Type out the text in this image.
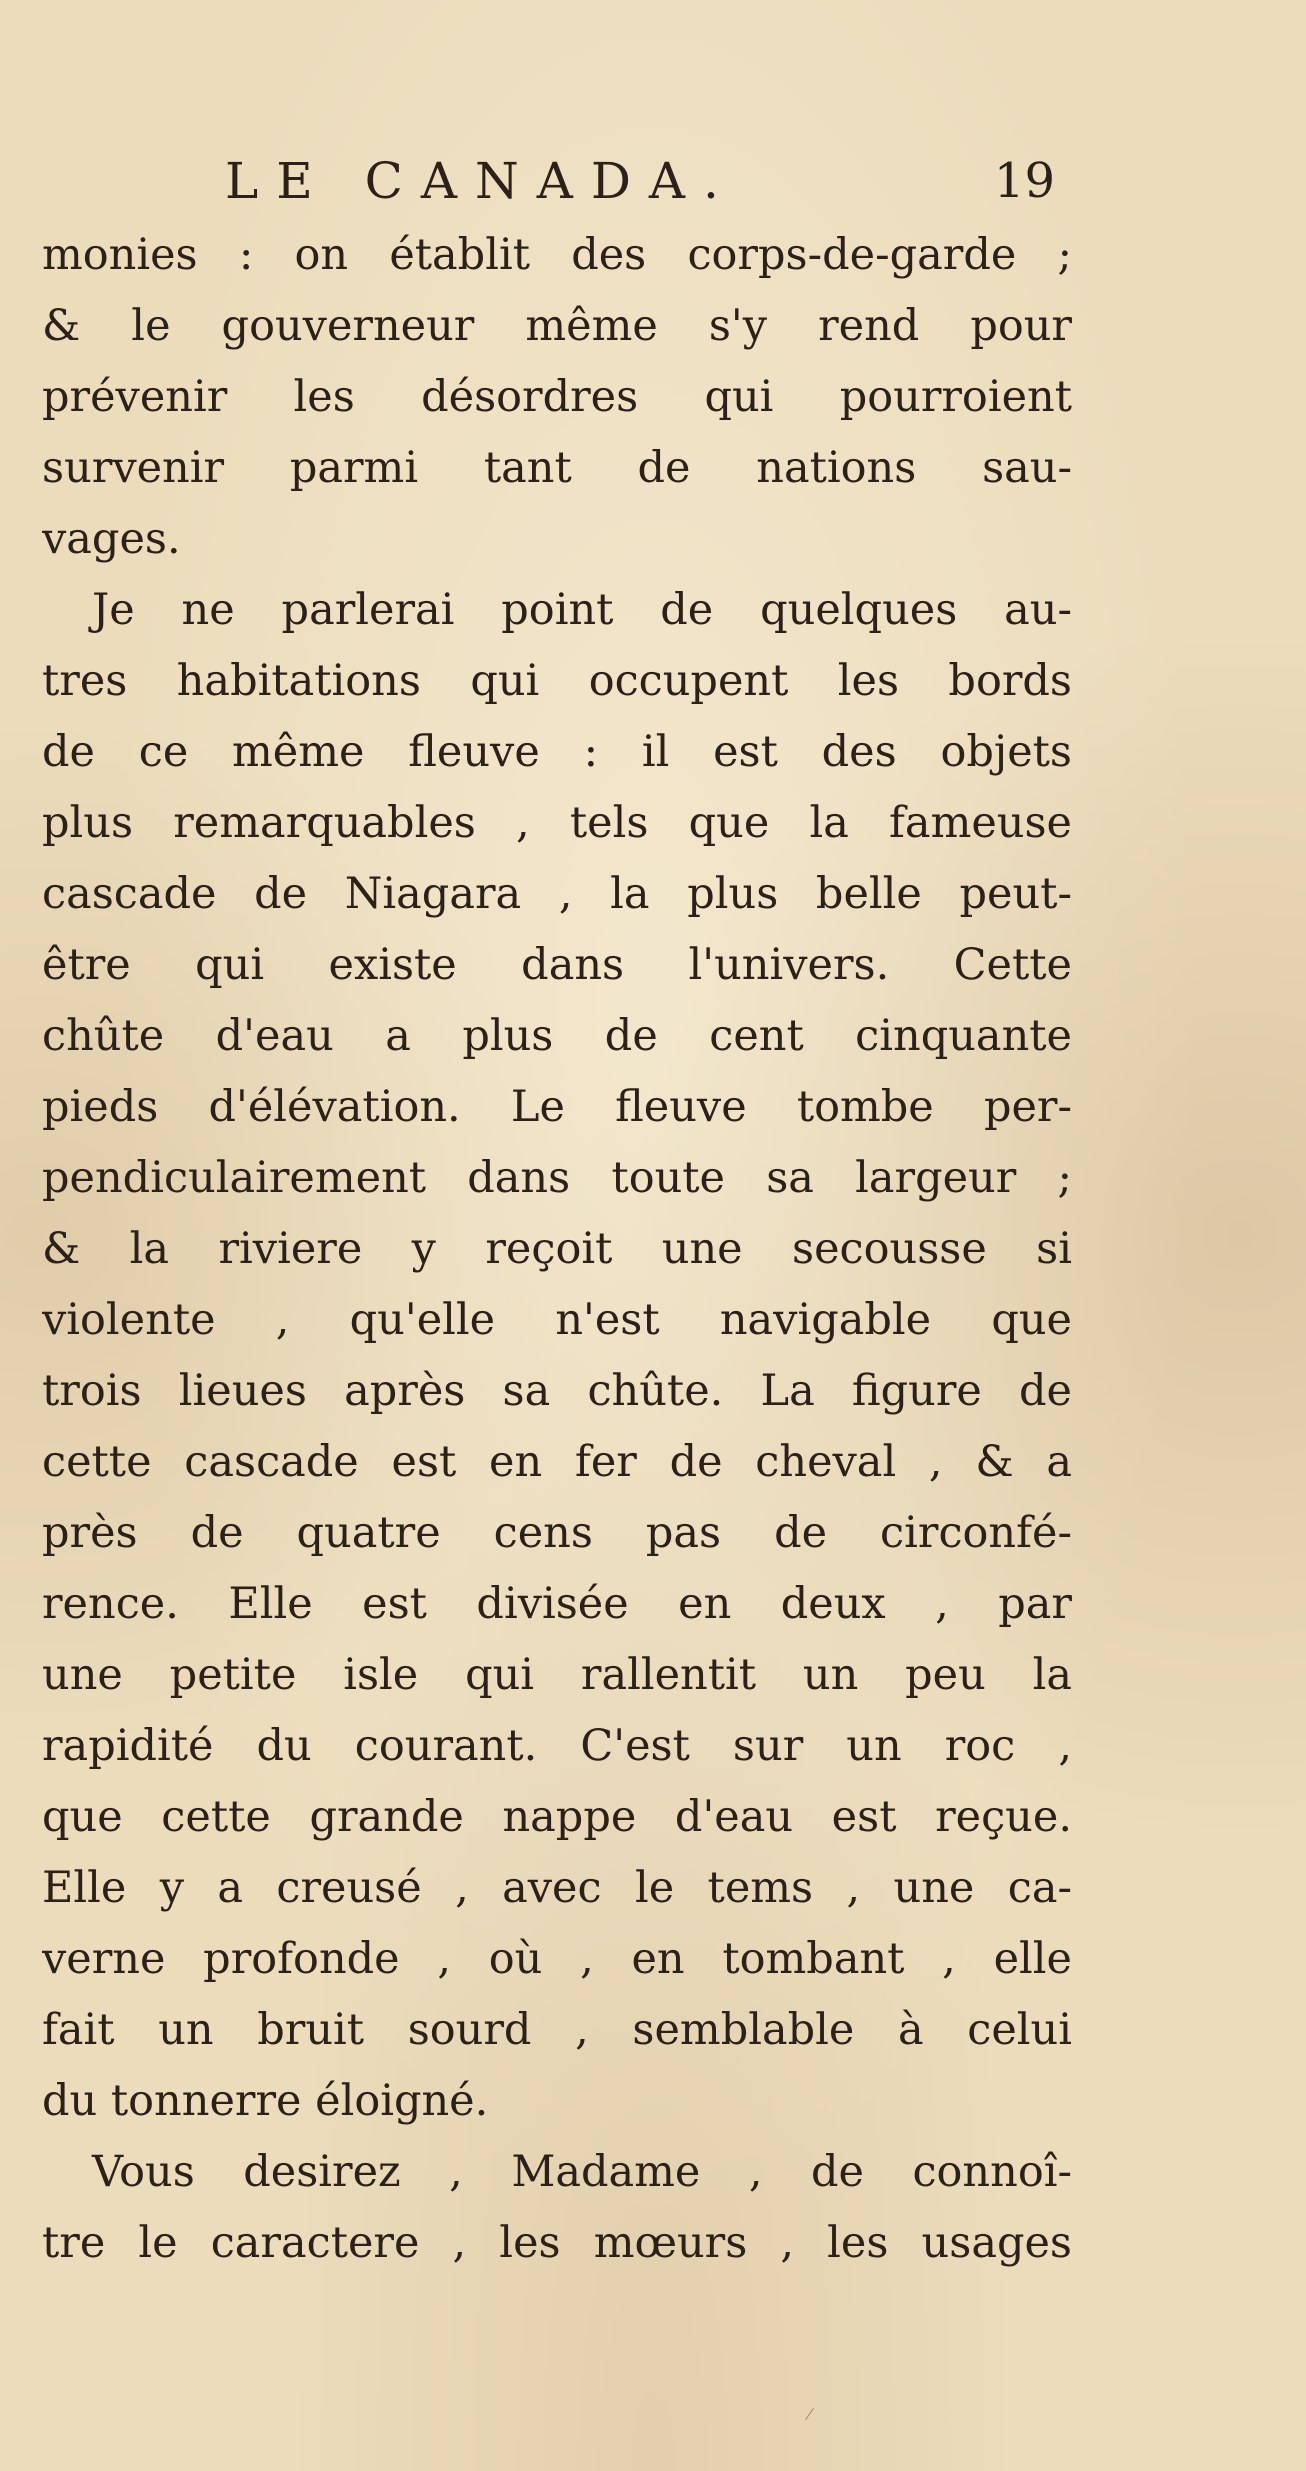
LE CANADA.	19
monies : on établit des corps-de-garde ;
& le gouverneur même s'y rend pour
prévenir les désordres qui pourroient
survenir parmi tant de nations sau-
vages.
Je ne parlerai point de quelques au-
tres habitations qui occupent les bords
de ce même fleuve : il est des objets
plus remarquables , tels que la fameuse
cascade de Niagara , la plus belle peut-
être qui existe dans l'univers. Cette
chûte d'eau a plus de cent cinquante
pieds d'élévation. Le fleuve tombe per-
pendiculairement dans toute sa largeur ;
& la riviere y reçoit une secousse si
violente , qu'elle n'est navigable que
trois lieues après sa chûte. La figure de
cette cascade est en fer de cheval , & a
près de quatre cens pas de circonfé-
rence. Elle est divisée en deux , par
une petite isle qui rallentit un peu la
rapidité du courant. C'est sur un roc ,
que cette grande nappe d'eau est reçue.
Elle y a creusé , avec le tems , une ca-
verne profonde , où , en tombant , elle
fait un bruit sourd , semblable à celui
du tonnerre éloigné.
Vous desirez , Madame , de connoî-
tre le caractere , les mœurs , les usages
